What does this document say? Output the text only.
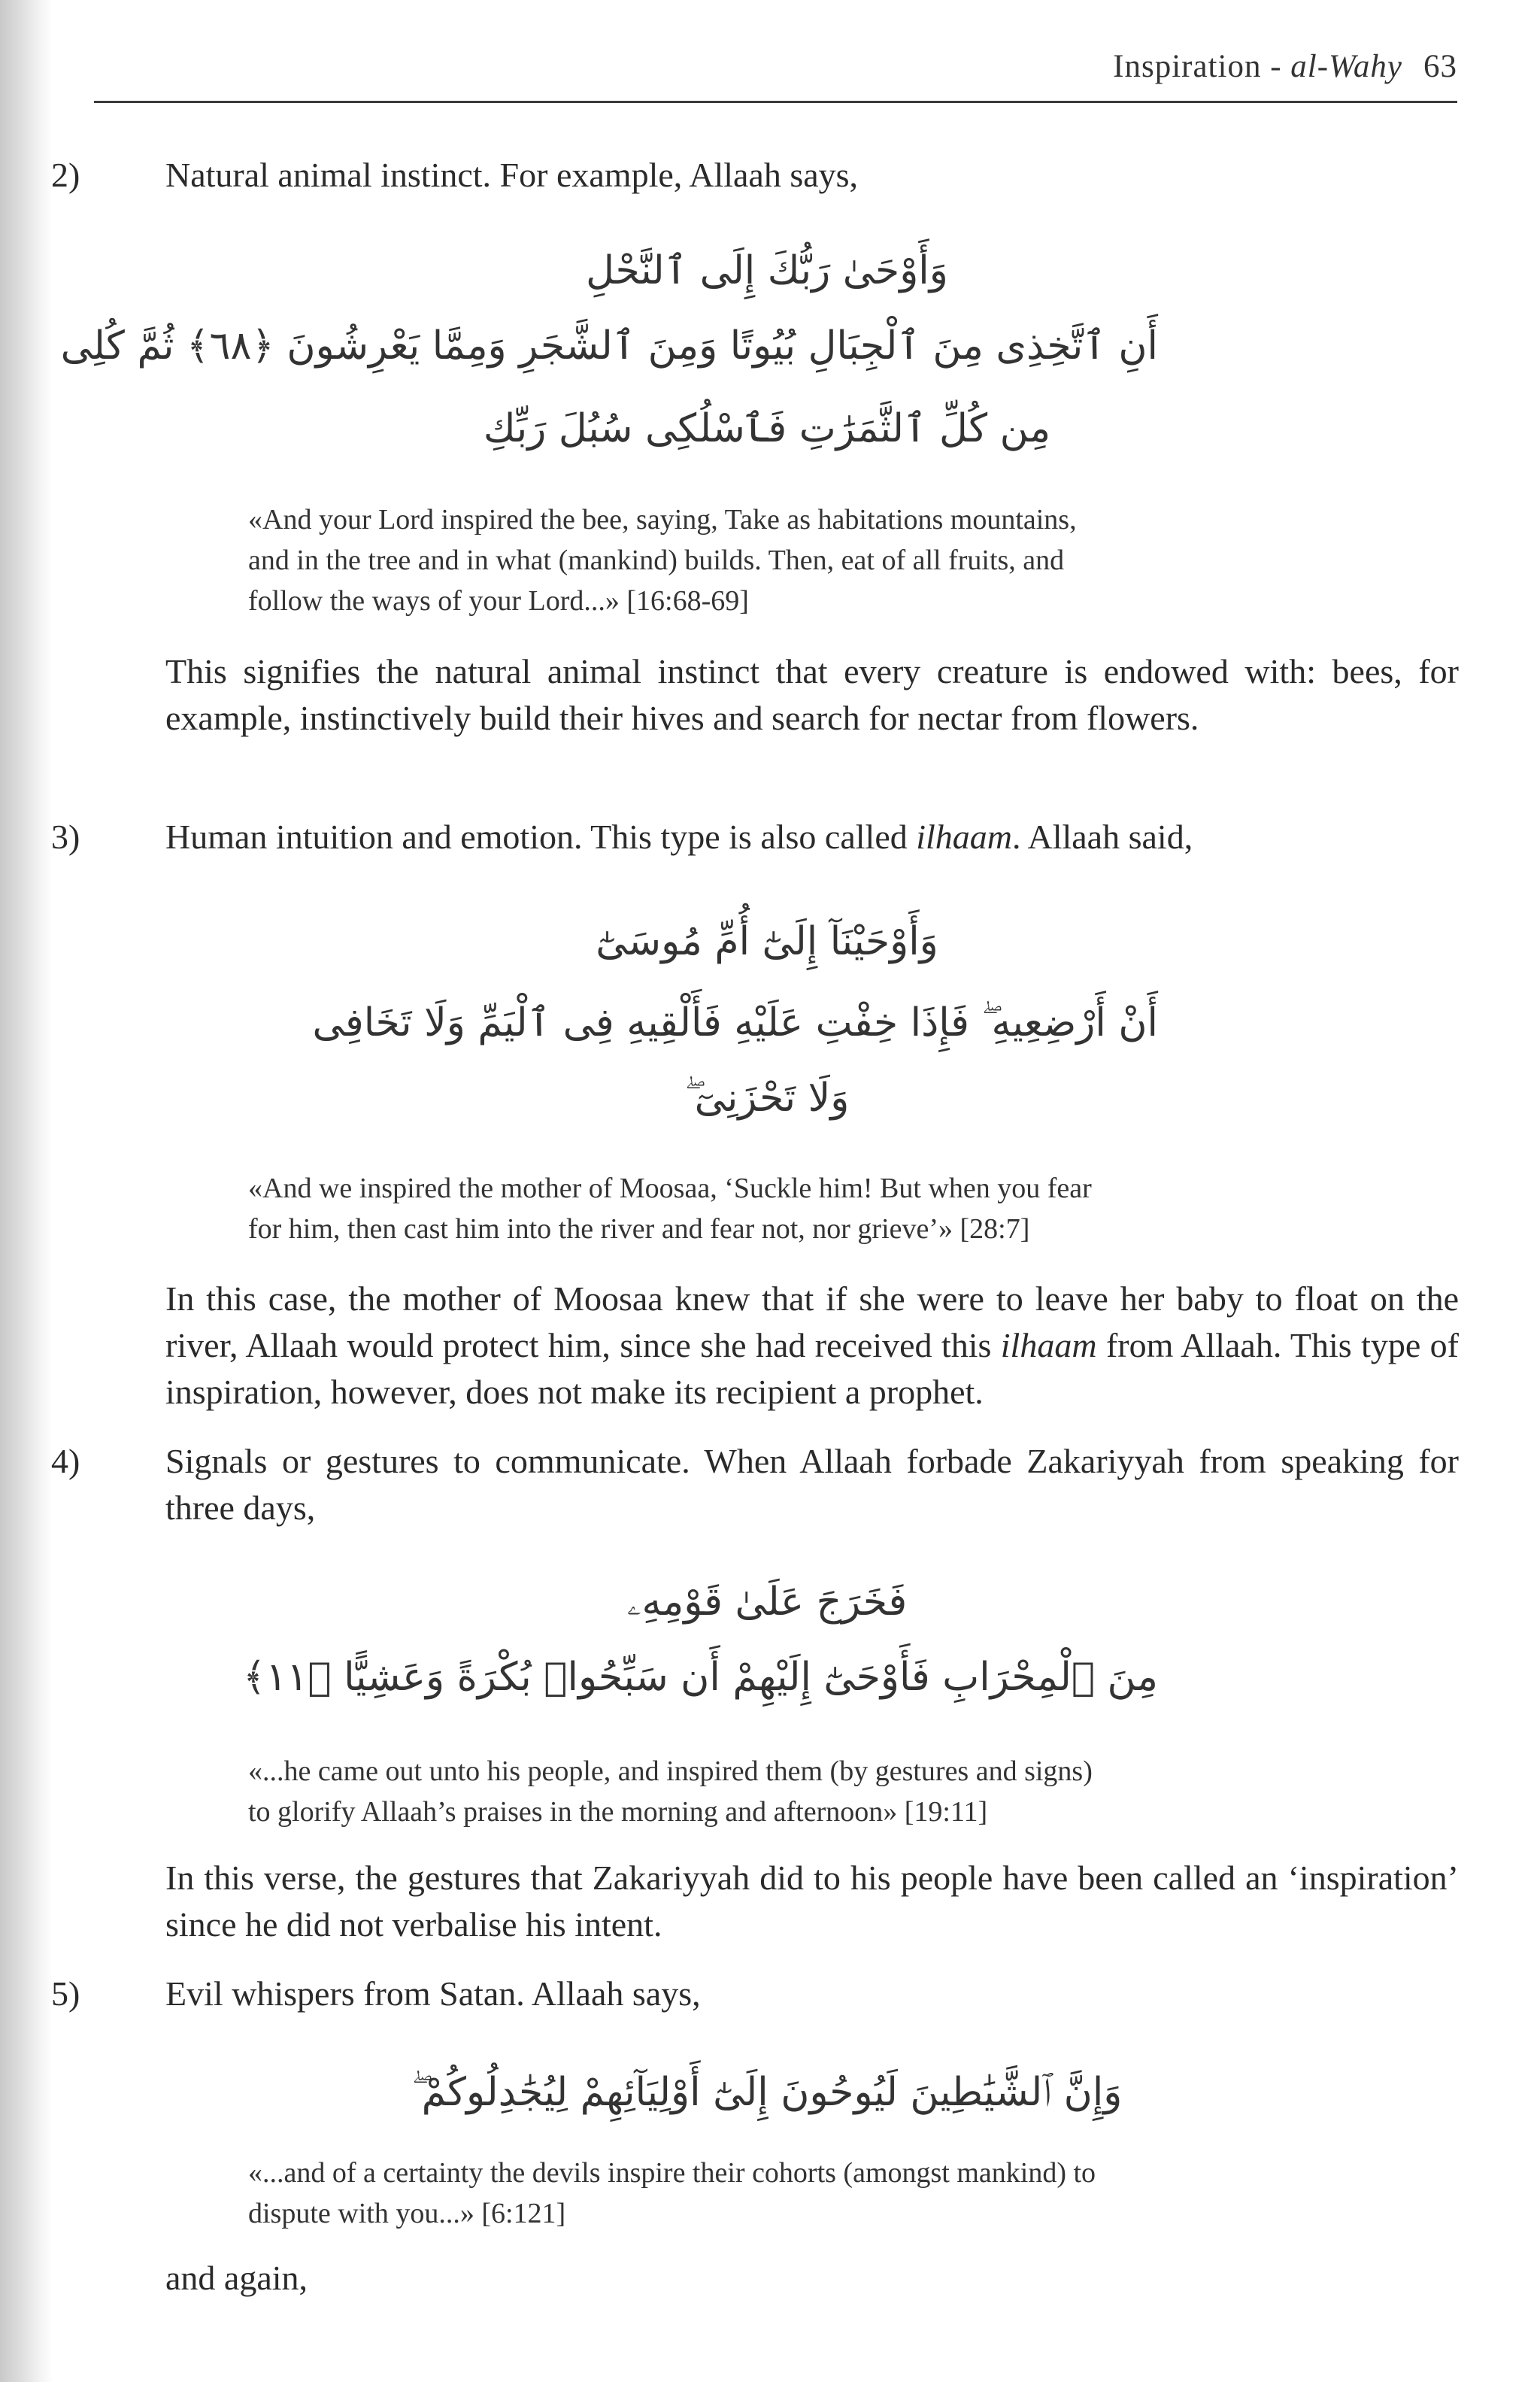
Inspiration - al-Wahy 63
2) Natural animal instinct. For example, Allaah says,
وَأَوْحَىٰ رَبُّكَ إِلَى ٱلنَّحْلِ
أَنِ ٱتَّخِذِى مِنَ ٱلْجِبَالِ بُيُوتًا وَمِنَ ٱلشَّجَرِ وَمِمَّا يَعْرِشُونَ ﴿٦٨﴾ ثُمَّ كُلِى
مِن كُلِّ ٱلثَّمَرَٰتِ فَٱسْلُكِى سُبُلَ رَبِّكِ
«And your Lord inspired the bee, saying, Take as habitations mountains,
and in the tree and in what (mankind) builds. Then, eat of all fruits, and
follow the ways of your Lord...» [16:68-69]
This signifies the natural animal instinct that every creature is endowed with: bees, for example, instinctively build their hives and search for nectar from flowers.
3) Human intuition and emotion. This type is also called ilhaam. Allaah said,
وَأَوْحَيْنَآ إِلَىٰٓ أُمِّ مُوسَىٰٓ
أَنْ أَرْضِعِيهِ ۖ فَإِذَا خِفْتِ عَلَيْهِ فَأَلْقِيهِ فِى ٱلْيَمِّ وَلَا تَخَافِى
وَلَا تَحْزَنِىٓ ۖ
«And we inspired the mother of Moosaa, ‘Suckle him! But when you fear
for him, then cast him into the river and fear not, nor grieve’» [28:7]
In this case, the mother of Moosaa knew that if she were to leave her baby to float on the river, Allaah would protect him, since she had received this ilhaam from Allaah. This type of inspiration, however, does not make its recipient a prophet.
4) Signals or gestures to communicate. When Allaah forbade Zakariyyah from speaking for three days,
فَخَرَجَ عَلَىٰ قَوْمِهِۦ
مِنَ ٱلْمِحْرَابِ فَأَوْحَىٰٓ إِلَيْهِمْ أَن سَبِّحُوا۟ بُكْرَةً وَعَشِيًّا ﴿١١﴾
«...he came out unto his people, and inspired them (by gestures and signs)
to glorify Allaah’s praises in the morning and afternoon» [19:11]
In this verse, the gestures that Zakariyyah did to his people have been called an ‘inspiration’ since he did not verbalise his intent.
5) Evil whispers from Satan. Allaah says,
وَإِنَّ ٱلشَّيَٰطِينَ لَيُوحُونَ إِلَىٰٓ أَوْلِيَآئِهِمْ لِيُجَٰدِلُوكُمْ ۖ
«...and of a certainty the devils inspire their cohorts (amongst mankind) to
dispute with you...» [6:121]
and again,
